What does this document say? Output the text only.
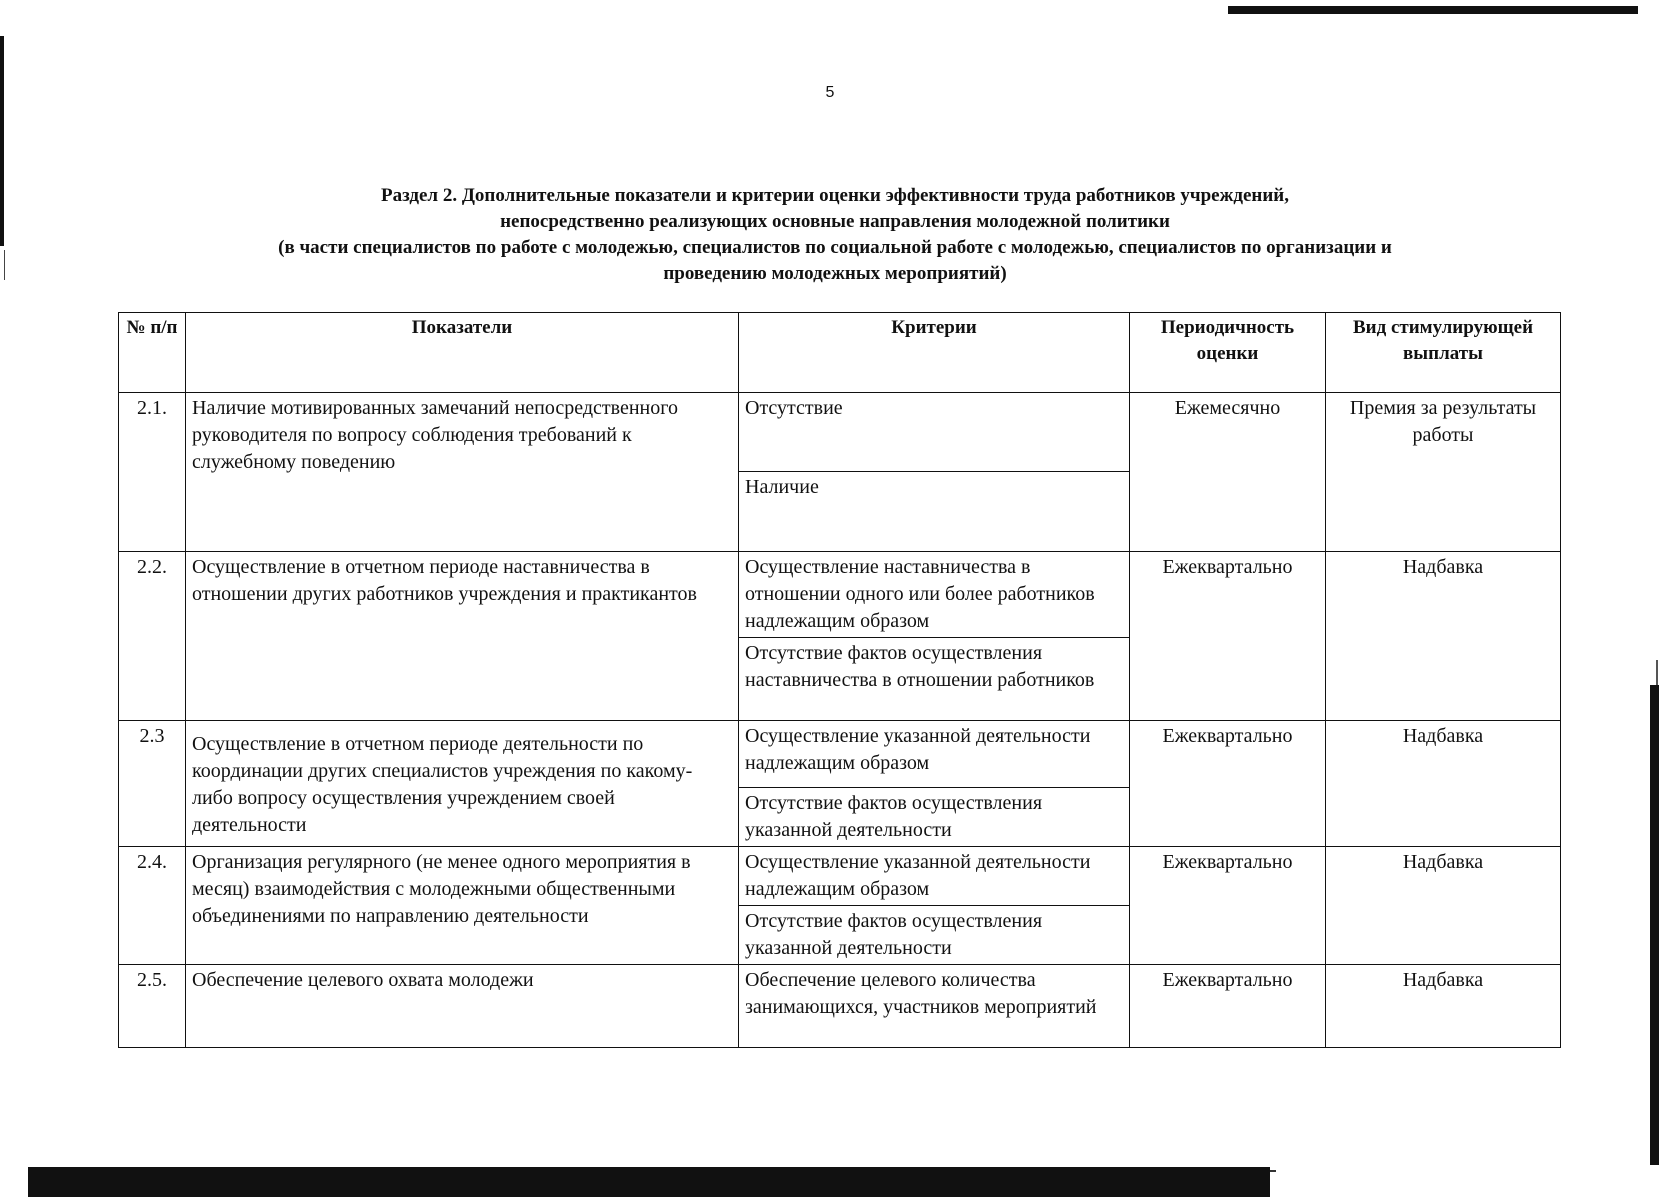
5
Раздел 2. Дополнительные показатели и критерии оценки эффективности труда работников учреждений,
непосредственно реализующих основные направления молодежной политики
(в части специалистов по работе с молодежью, специалистов по социальной работе с молодежью, специалистов по организации и
проведению молодежных мероприятий)
№ п/п	Показатели	Критерии	Периодичность оценки	Вид стимулирующей выплаты
2.1.	Наличие мотивированных замечаний непосредственного руководителя по вопросу соблюдения требований к служебному поведению	Отсутствие	Ежемесячно	Премия за результаты работы
		Наличие		
2.2.	Осуществление в отчетном периоде наставничества в отношении других работников учреждения и практикантов	Осуществление наставничества в отношении одного или более работников надлежащим образом	Ежеквартально	Надбавка
		Отсутствие фактов осуществления наставничества в отношении работников		
2.3	Осуществление в отчетном периоде деятельности по координации других специалистов учреждения по какому-либо вопросу осуществления учреждением своей деятельности	Осуществление указанной деятельности надлежащим образом	Ежеквартально	Надбавка
		Отсутствие фактов осуществления указанной деятельности		
2.4.	Организация регулярного (не менее одного мероприятия в месяц) взаимодействия с молодежными общественными объединениями по направлению деятельности	Осуществление указанной деятельности надлежащим образом	Ежеквартально	Надбавка
		Отсутствие фактов осуществления указанной деятельности		
2.5.	Обеспечение целевого охвата молодежи	Обеспечение целевого количества занимающихся, участников мероприятий	Ежеквартально	Надбавка
